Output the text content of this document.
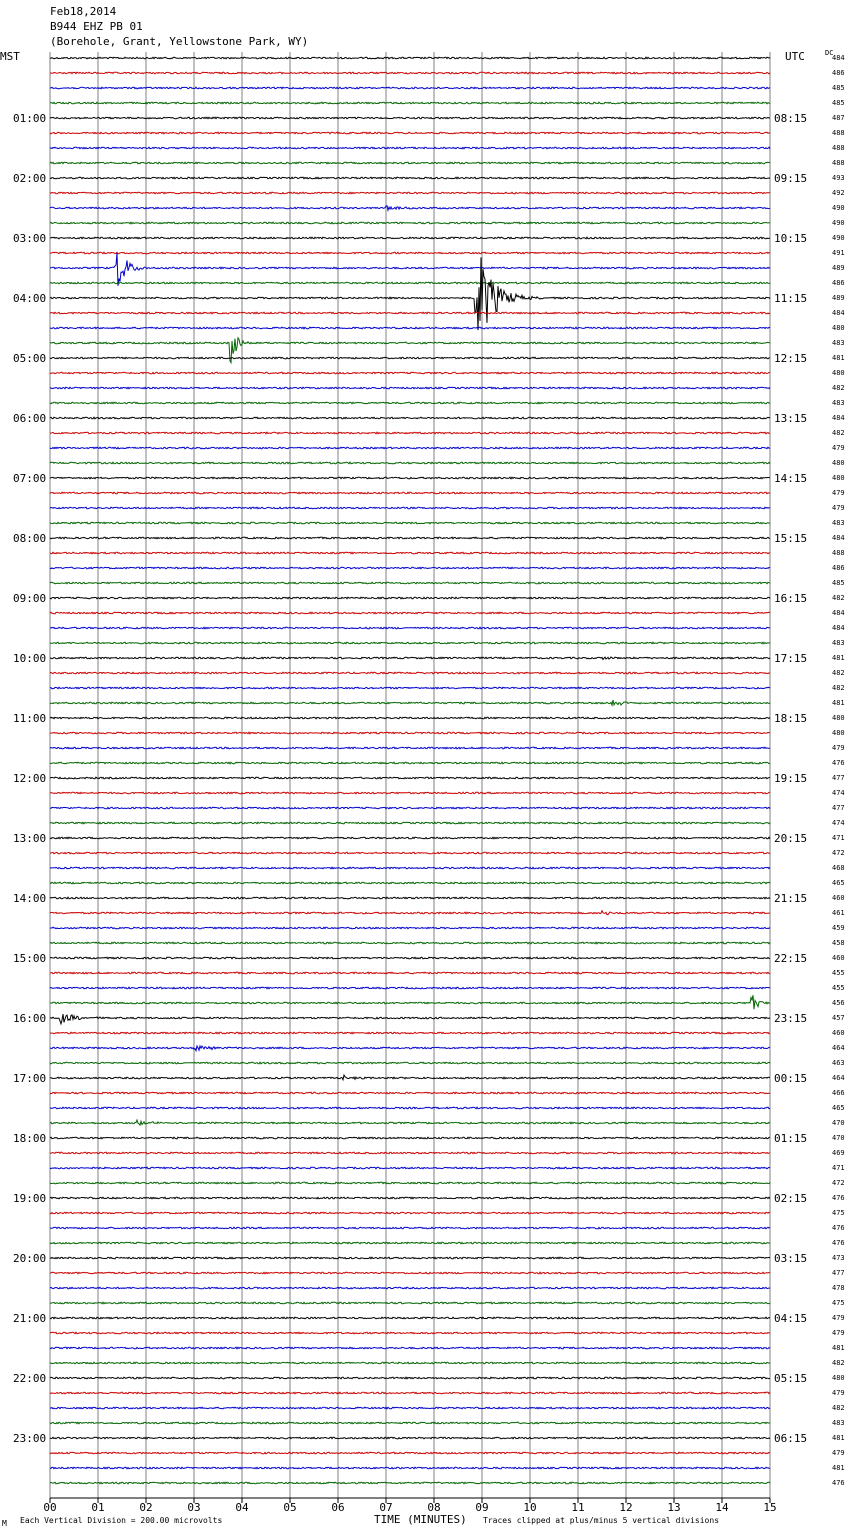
Feb18,2014
B944 EHZ PB 01
(Borehole, Grant, Yellowstone Park, WY)
MST	UTC	DC
01:00
02:00
03:00
04:00
05:00
06:00
07:00
08:00
09:00
10:00
11:00
12:00
13:00
14:00
15:00
16:00
17:00
18:00
19:00
20:00
21:00
22:00
23:00
08:15
09:15
10:15
11:15
12:15
13:15
14:15
15:15
16:15
17:15
18:15
19:15
20:15
21:15
22:15
23:15
00:15
01:15
02:15
03:15
04:15
05:15
06:15
484
486
485
485
487
488
488
488
493
492
490
490
490
491
489
486
489
484
480
483
481
480
482
483
484
482
479
480
480
479
479
483
484
488
486
485
482
484
484
483
481
482
482
481
480
480
479
476
477
474
477
474
471
472
468
465
460
461
459
458
460
455
455
456
457
460
464
463
464
466
465
470
470
469
471
472
476
475
476
476
473
477
478
475
479
479
481
482
480
479
482
483
481
479
481
476
00	01	02	03	04	05	06	07	08	09	10	11	12	13	14	15
TIME (MINUTES)
Each Vertical Division = 200.00 microvolts	Traces clipped at plus/minus 5 vertical divisions
M
